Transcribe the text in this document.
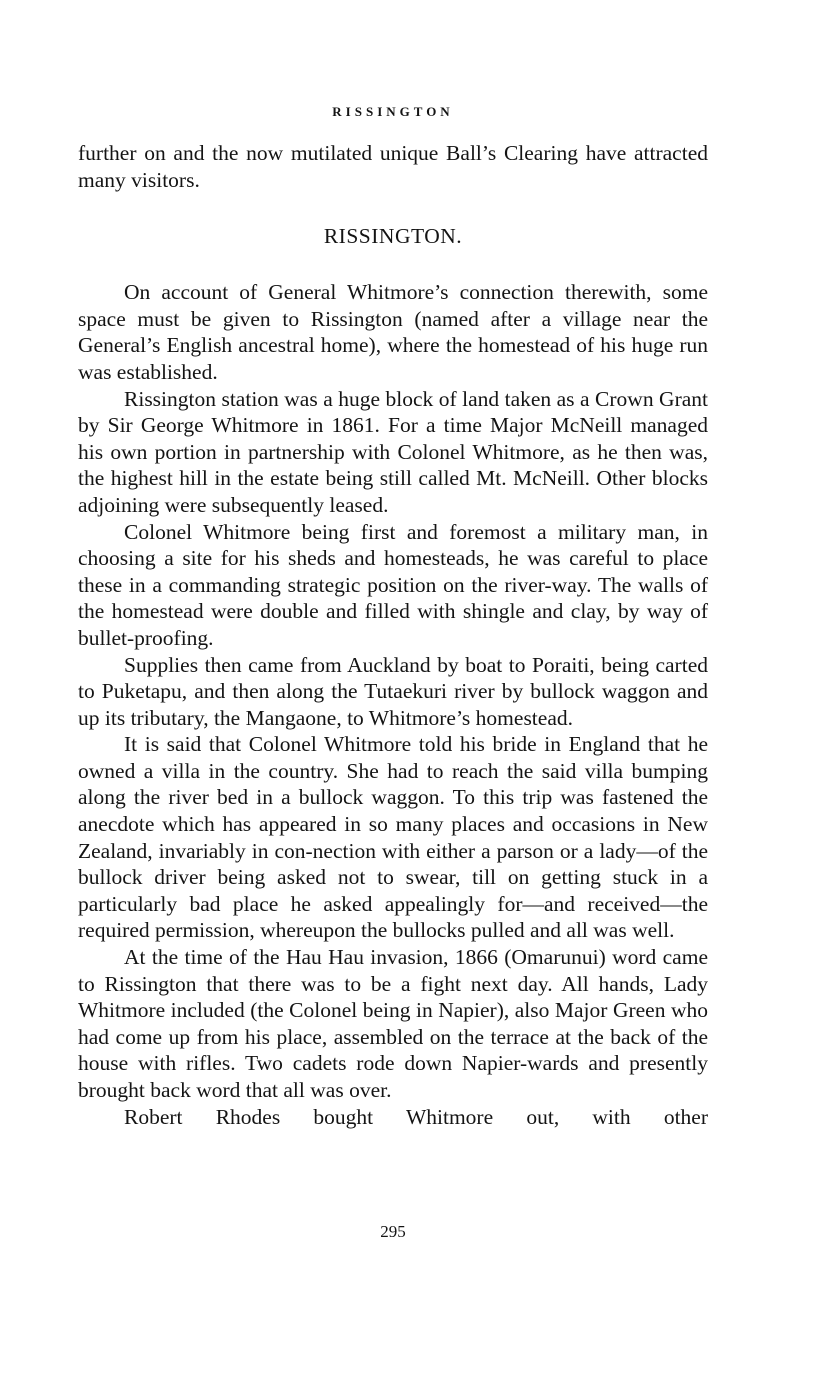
RISSINGTON

further on and the now mutilated unique Ball’s Clearing have attracted many visitors.

RISSINGTON.

On account of General Whitmore’s connection therewith, some space must be given to Rissington (named after a village near the General’s English ancestral home), where the homestead of his huge run was established.

Rissington station was a huge block of land taken as a Crown Grant by Sir George Whitmore in 1861. For a time Major McNeill managed his own portion in partnership with Colonel Whitmore, as he then was, the highest hill in the estate being still called Mt. McNeill. Other blocks adjoining were subsequently leased.

Colonel Whitmore being first and foremost a military man, in choosing a site for his sheds and homesteads, he was careful to place these in a commanding strategic position on the river-way. The walls of the homestead were double and filled with shingle and clay, by way of bullet-proofing.

Supplies then came from Auckland by boat to Poraiti, being carted to Puketapu, and then along the Tutaekuri river by bullock waggon and up its tributary, the Mangaone, to Whitmore’s homestead.

It is said that Colonel Whitmore told his bride in England that he owned a villa in the country. She had to reach the said villa bumping along the river bed in a bullock waggon. To this trip was fastened the anecdote which has appeared in so many places and occasions in New Zealand, invariably in con-nection with either a parson or a lady—of the bullock driver being asked not to swear, till on getting stuck in a particularly bad place he asked appealingly for—and received—the required permission, whereupon the bullocks pulled and all was well.

At the time of the Hau Hau invasion, 1866 (Omarunui) word came to Rissington that there was to be a fight next day. All hands, Lady Whitmore included (the Colonel being in Napier), also Major Green who had come up from his place, assembled on the terrace at the back of the house with rifles. Two cadets rode down Napier-wards and presently brought back word that all was over.

Robert Rhodes bought Whitmore out, with other

295
